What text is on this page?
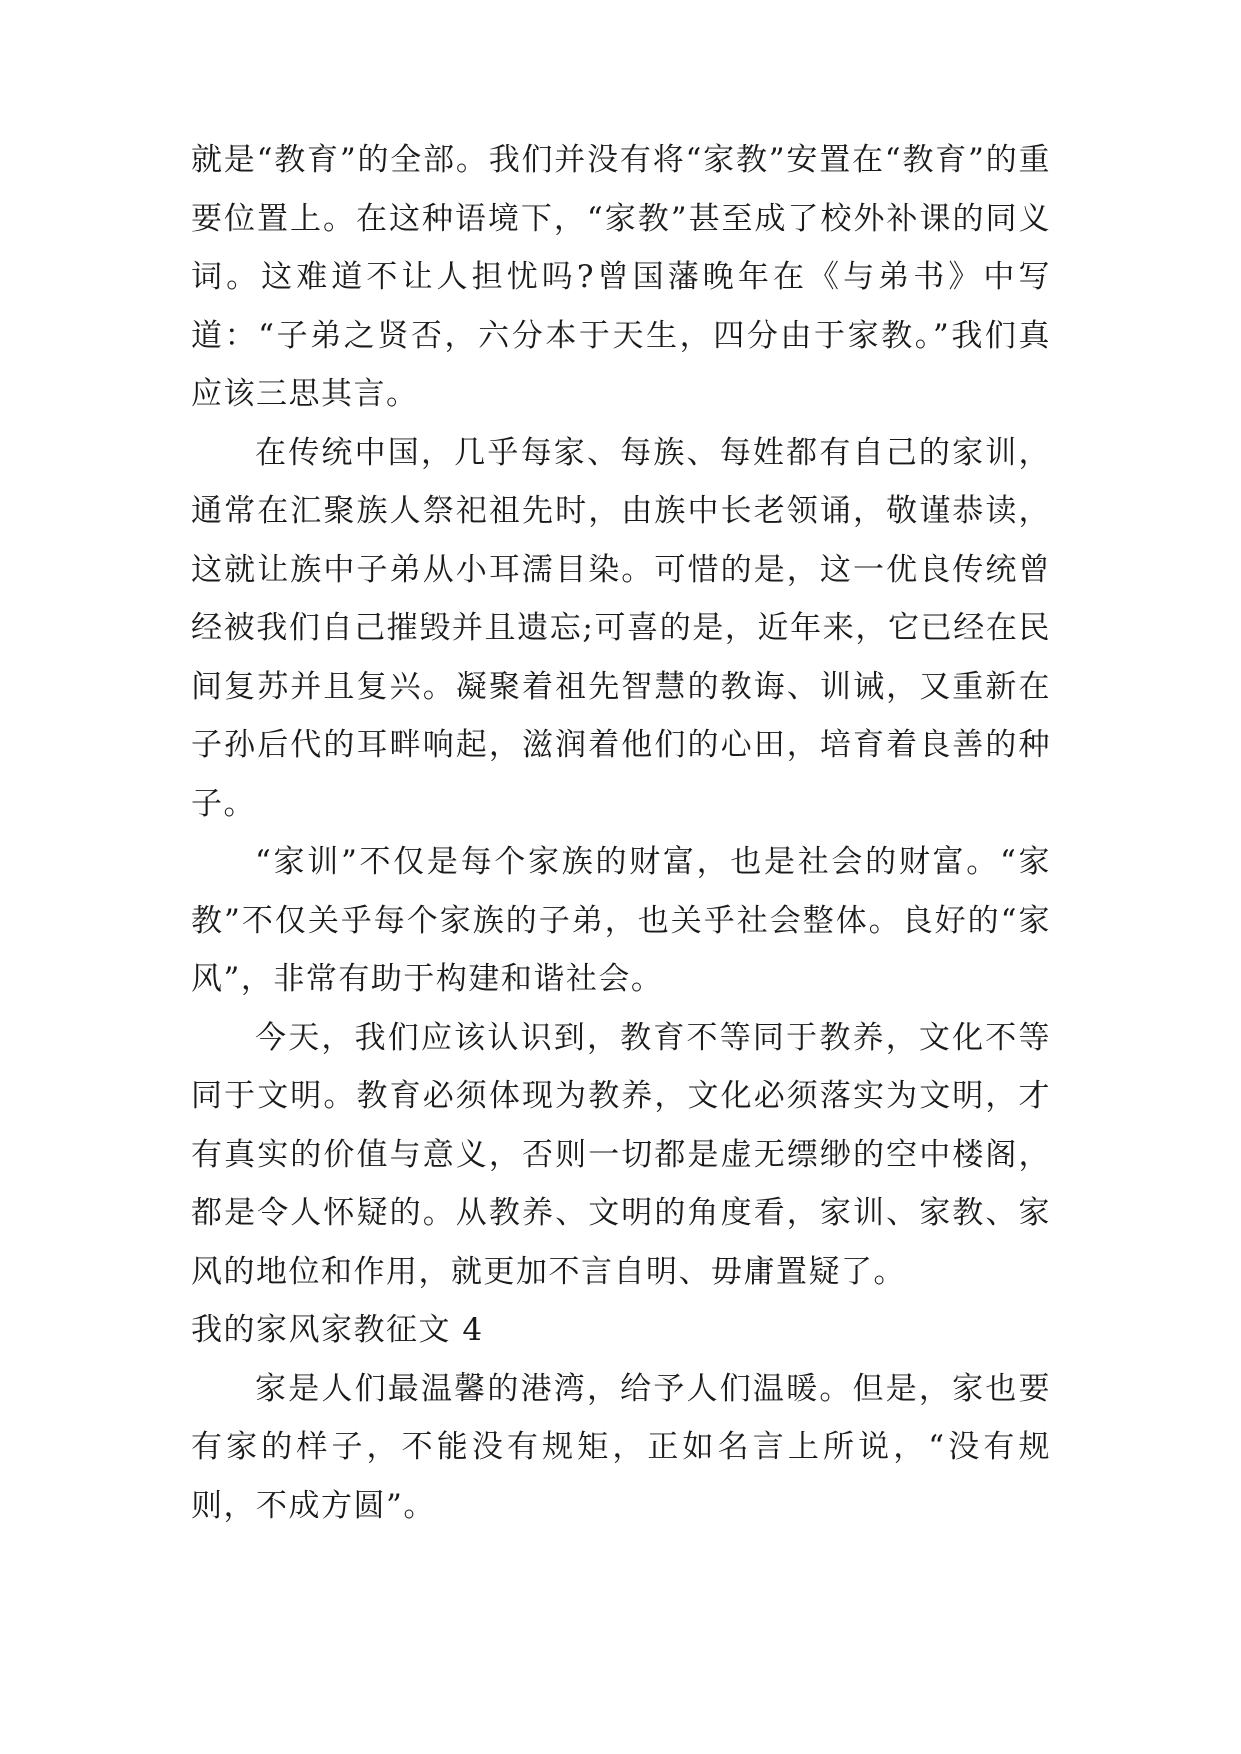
就是“教育”的全部。我们并没有将“家教”安置在“教育”的重要位置上。在这种语境下，“家教”甚至成了校外补课的同义词。这难道不让人担忧吗?曾国藩晚年在《与弟书》中写道：“子弟之贤否，六分本于天生，四分由于家教。”我们真应该三思其言。

在传统中国，几乎每家、每族、每姓都有自己的家训，通常在汇聚族人祭祀祖先时，由族中长老领诵，敬谨恭读，这就让族中子弟从小耳濡目染。可惜的是，这一优良传统曾经被我们自己摧毁并且遗忘;可喜的是，近年来，它已经在民间复苏并且复兴。凝聚着祖先智慧的教诲、训诫，又重新在子孙后代的耳畔响起，滋润着他们的心田，培育着良善的种子。

“家训”不仅是每个家族的财富，也是社会的财富。“家教”不仅关乎每个家族的子弟，也关乎社会整体。良好的“家风”，非常有助于构建和谐社会。

今天，我们应该认识到，教育不等同于教养，文化不等同于文明。教育必须体现为教养，文化必须落实为文明，才有真实的价值与意义，否则一切都是虚无缥缈的空中楼阁，都是令人怀疑的。从教养、文明的角度看，家训、家教、家风的地位和作用，就更加不言自明、毋庸置疑了。

我的家风家教征文 4

家是人们最温馨的港湾，给予人们温暖。但是，家也要有家的样子，不能没有规矩，正如名言上所说，“没有规则，不成方圆”。
